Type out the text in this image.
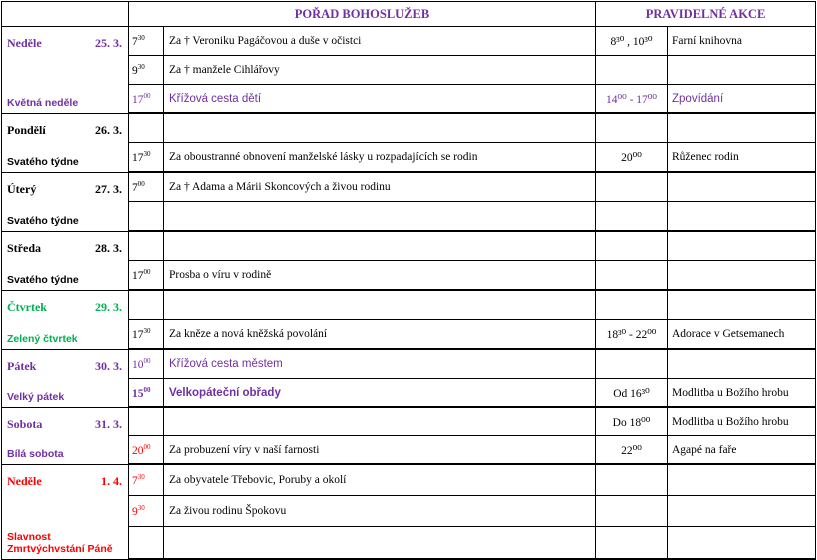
	POŘAD BOHOSLUŽEB		PRAVIDELNÉ AKCE	

Neděle 25. 3.
Květná neděle	$7^{30}$	Za † Veroniku Pagáčovou a duše v očistci	8³⁰ , 10³⁰	Farní knihovna
	$9^{30}$	Za † manžele Cihlářovy		
	$17^{00}$	Křížová cesta dětí	14⁰⁰ - 17⁰⁰	Zpovídání

Pondělí 26. 3.
Svatého týdne				

	$17^{30}$	Za oboustranné obnovení manželské lásky u rozpadajících se rodin	20⁰⁰	Růženec rodin

Úterý 27. 3.
Svatého týdne	$7^{00}$	Za † Adama a Márii Skoncových a živou rodinu		

Středa 28. 3.
Svatého týdne				

	$17^{00}$	Prosba o víru v rodině		

Čtvrtek 29. 3.
Zelený čtvrtek				

	$17^{30}$	Za kněze a nová kněžská povolání	18³⁰ - 22⁰⁰	Adorace v Getsemanech

Pátek 30. 3.
Velký pátek	$10^{00}$	Křížová cesta městem		
	$15^{00}$	Velkopáteční obřady	Od 16³⁰	Modlitba u Božího hrobu

Sobota 31. 3.
Bílá sobota			Do 18⁰⁰	Modlitba u Božího hrobu
	$20^{00}$	Za probuzení víry v naší farnosti	22⁰⁰	Agapé na faře

Neděle 1. 4.
Slavnost Zmrtvýchvstání Páně	$7^{30}$	Za obyvatele Třebovic, Poruby a okolí		
	$9^{30}$	Za živou rodinu Špokovu		
